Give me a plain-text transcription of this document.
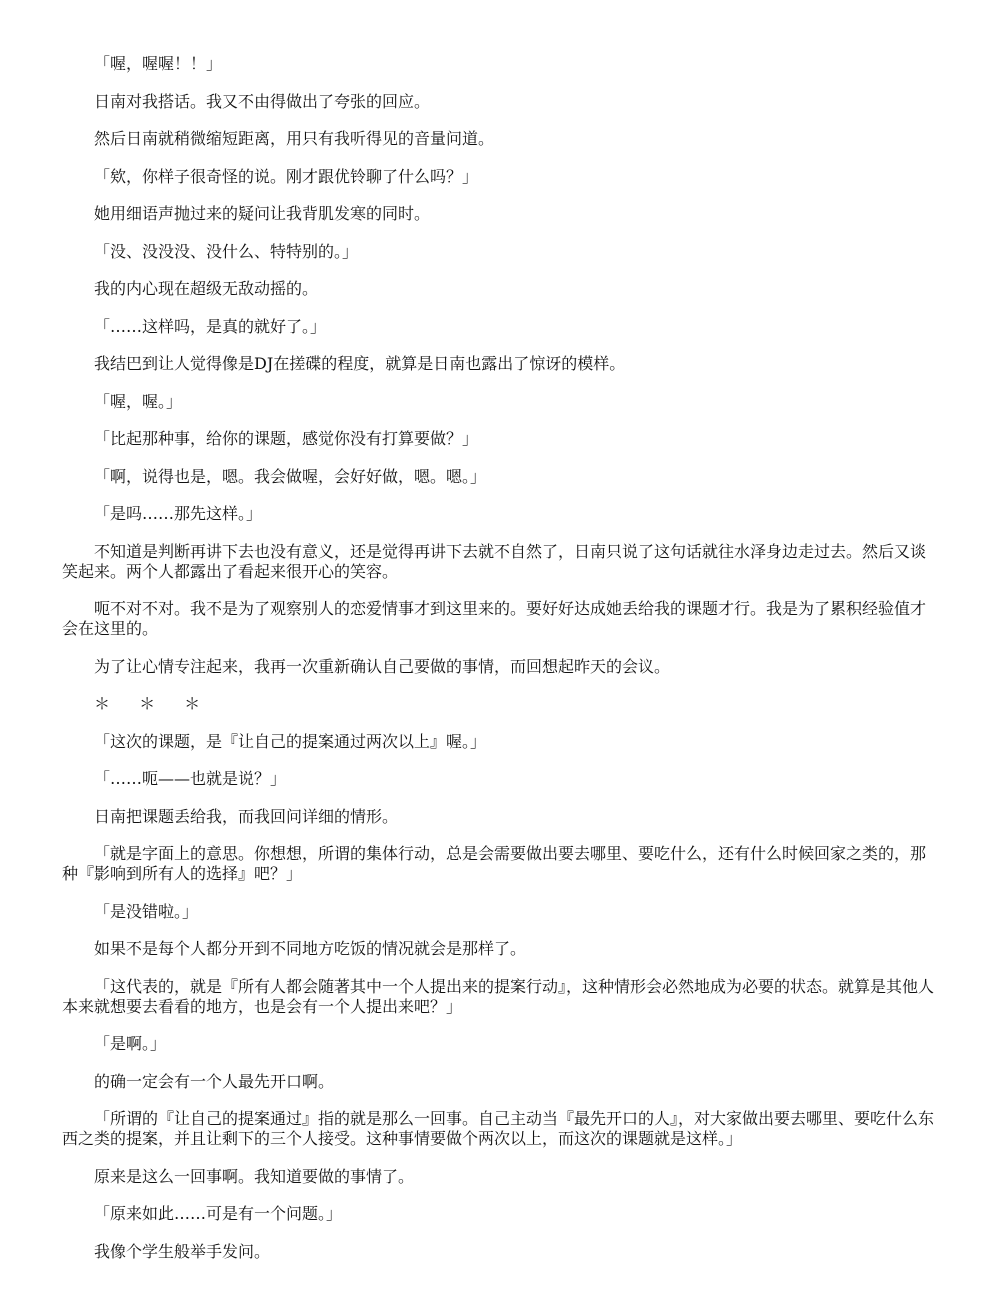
「喔，喔喔！！」

日南对我搭话。我又不由得做出了夸张的回应。

然后日南就稍微缩短距离，用只有我听得见的音量问道。

「欸，你样子很奇怪的说。刚才跟优铃聊了什么吗？」

她用细语声抛过来的疑问让我背肌发寒的同时。

「没、没没没、没什么、特特别的。」

我的内心现在超级无敌动摇的。

「……这样吗，是真的就好了。」

我结巴到让人觉得像是DJ在搓碟的程度，就算是日南也露出了惊讶的模样。

「喔，喔。」

「比起那种事，给你的课题，感觉你没有打算要做？」

「啊，说得也是，嗯。我会做喔，会好好做，嗯。嗯。」

「是吗……那先这样。」

不知道是判断再讲下去也没有意义，还是觉得再讲下去就不自然了，日南只说了这句话就往水泽身边走过去。然后又谈笑起来。两个人都露出了看起来很开心的笑容。

呃不对不对。我不是为了观察别人的恋爱情事才到这里来的。要好好达成她丢给我的课题才行。我是为了累积经验值才会在这里的。

为了让心情专注起来，我再一次重新确认自己要做的事情，而回想起昨天的会议。

＊ ＊ ＊

「这次的课题，是『让自己的提案通过两次以上』喔。」

「……呃——也就是说？」

日南把课题丢给我，而我回问详细的情形。

「就是字面上的意思。你想想，所谓的集体行动，总是会需要做出要去哪里、要吃什么，还有什么时候回家之类的，那种『影响到所有人的选择』吧？」

「是没错啦。」

如果不是每个人都分开到不同地方吃饭的情况就会是那样了。

「这代表的，就是『所有人都会随著其中一个人提出来的提案行动』，这种情形会必然地成为必要的状态。就算是其他人本来就想要去看看的地方，也是会有一个人提出来吧？」

「是啊。」

的确一定会有一个人最先开口啊。

「所谓的『让自己的提案通过』指的就是那么一回事。自己主动当『最先开口的人』，对大家做出要去哪里、要吃什么东西之类的提案，并且让剩下的三个人接受。这种事情要做个两次以上，而这次的课题就是这样。」

原来是这么一回事啊。我知道要做的事情了。

「原来如此……可是有一个问题。」

我像个学生般举手发问。
